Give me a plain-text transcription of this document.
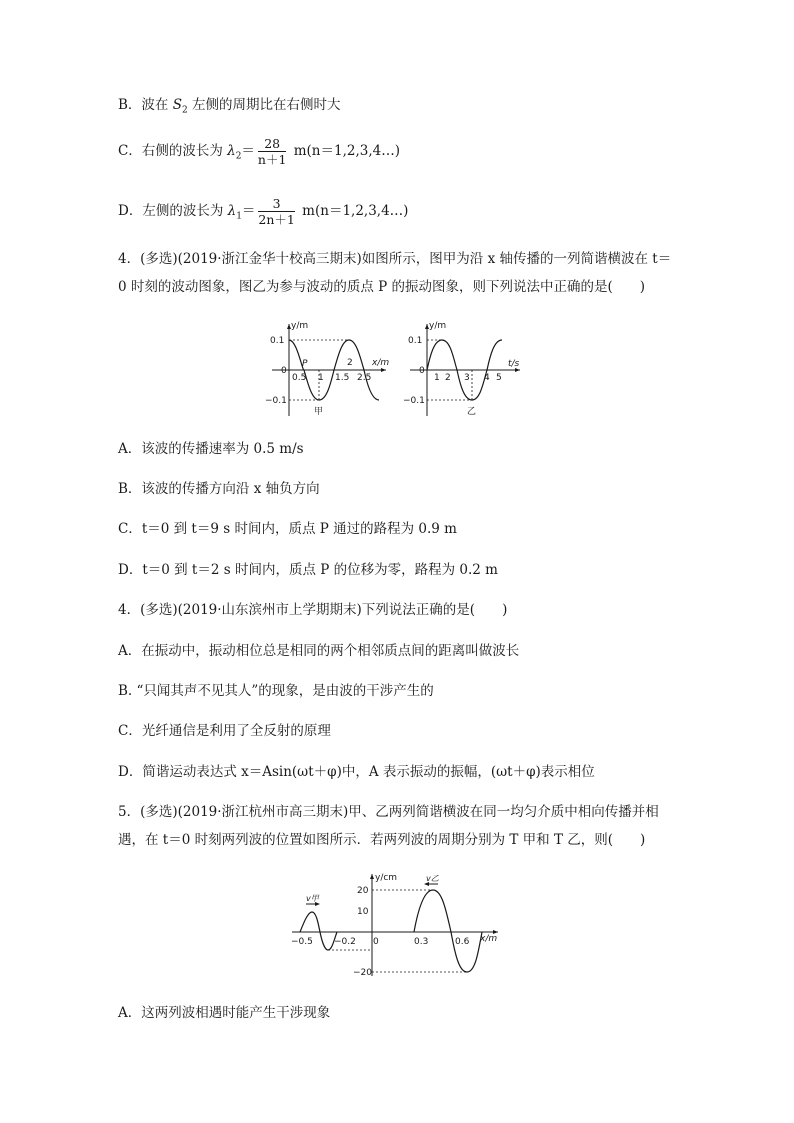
B．波在 $S_2$ 左侧的周期比在右侧时大
C．右侧的波长为 $\lambda_2= \frac{28}{n+1}$ m(n＝1,2,3,4…)
D．左侧的波长为 $\lambda_1= \frac{3}{2n+1}$ m(n＝1,2,3,4…)
4．(多选)(2019·浙江金华十校高三期末)如图所示，图甲为沿 x 轴传播的一列简谐横波在 t＝
0 时刻的波动图象，图乙为参与波动的质点 P 的振动图象，则下列说法中正确的是(　　)
y/m
x/m
0.1
0
−0.1
0.5 1 1.5
2
2.5
P
甲
y/m
t/s
0.1
0
−0.1
1 2 3 4 5
乙
A．该波的传播速率为 0.5 m/s
B．该波的传播方向沿 x 轴负方向
C．t＝0 到 t＝9 s 时间内，质点 P 通过的路程为 0.9 m
D．t＝0 到 t＝2 s 时间内，质点 P 的位移为零，路程为 0.2 m
4．(多选)(2019·山东滨州市上学期期末)下列说法正确的是(　　)
A．在振动中，振动相位总是相同的两个相邻质点间的距离叫做波长
B. “只闻其声不见其人”的现象，是由波的干涉产生的
C．光纤通信是利用了全反射的原理
D．简谐运动表达式 x＝Asin(ωt＋φ)中，A 表示振动的振幅，(ωt＋φ)表示相位
5．(多选)(2019·浙江杭州市高三期末)甲、乙两列简谐横波在同一均匀介质中相向传播并相
遇，在 t＝0 时刻两列波的位置如图所示．若两列波的周期分别为 T 甲和 T 乙，则(　　)
v甲
v乙
y/cm
x/m
20
10
−20
−0.5 −0.2 0	0.3	0.6
A．这两列波相遇时能产生干涉现象
